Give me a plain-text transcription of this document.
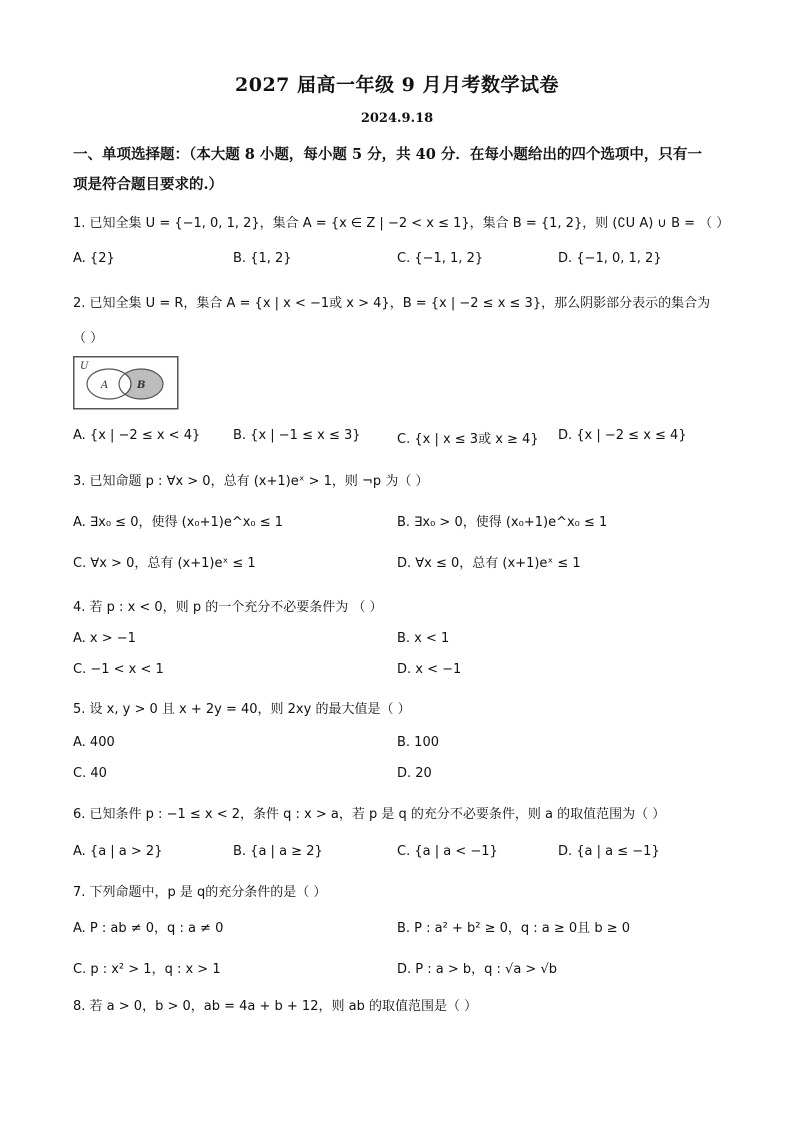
2027 届高一年级 9 月月考数学试卷
2024.9.18
一、单项选择题：（本大题 8 小题，每小题 5 分，共 40 分．在每小题给出的四个选项中，只有一项是符合题目要求的.）
1. 已知全集 U = {−1, 0, 1, 2}，集合 A = {x ∈ Z | −2 < x ≤ 1}，集合 B = {1, 2}，则 (∁U A) ∪ B = （ ）
A. {2}	B. {1, 2}	C. {−1, 1, 2}	D. {−1, 0, 1, 2}
2. 已知全集 U = R，集合 A = {x | x < −1或 x > 4}，B = {x | −2 ≤ x ≤ 3}，那么阴影部分表示的集合为
（ ）
U
A	B
A. {x | −2 ≤ x < 4}	B. {x | −1 ≤ x ≤ 3}	C. {x | x ≤ 3或 x ≥ 4} D. {x | −2 ≤ x ≤ 4}
3. 已知命题 p : ∀x > 0，总有 (x+1)eˣ > 1，则 ¬p 为（ ）
A. ∃x₀ ≤ 0，使得 (x₀+1)e^x₀ ≤ 1	B. ∃x₀ > 0，使得 (x₀+1)e^x₀ ≤ 1
C. ∀x > 0，总有 (x+1)eˣ ≤ 1	D. ∀x ≤ 0，总有 (x+1)eˣ ≤ 1
4. 若 p : x < 0，则 p 的一个充分不必要条件为 （ ）
A. x > −1	B. x < 1
C. −1 < x < 1	D. x < −1
5. 设 x, y > 0 且 x + 2y = 40，则 2xy 的最大值是（ ）
A. 400	B. 100
C. 40	D. 20
6. 已知条件 p : −1 ≤ x < 2，条件 q : x > a，若 p 是 q 的充分不必要条件，则 a 的取值范围为（ ）
A. {a | a > 2}	B. {a | a ≥ 2}	C. {a | a < −1}	D. {a | a ≤ −1}
7. 下列命题中，p 是 q的充分条件的是（ ）
A. P : ab ≠ 0，q : a ≠ 0	B. P : a² + b² ≥ 0，q : a ≥ 0且 b ≥ 0
C. p : x² > 1，q : x > 1	D. P : a > b，q : √a > √b
8. 若 a > 0，b > 0，ab = 4a + b + 12，则 ab 的取值范围是（ ）
